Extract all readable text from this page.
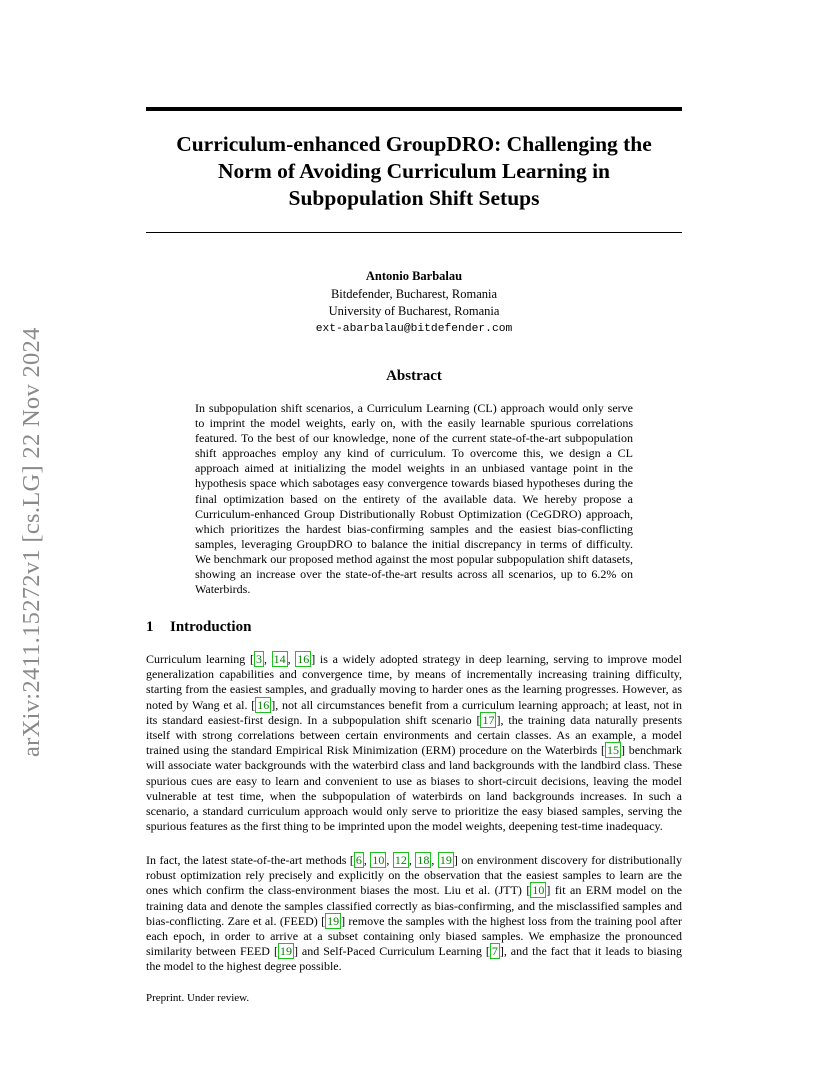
arXiv:2411.15272v1 [cs.LG] 22 Nov 2024
Curriculum-enhanced GroupDRO: Challenging the
Norm of Avoiding Curriculum Learning in
Subpopulation Shift Setups
Antonio Barbalau
Bitdefender, Bucharest, Romania
University of Bucharest, Romania
ext-abarbalau@bitdefender.com
Abstract
In subpopulation shift scenarios, a Curriculum Learning (CL) approach would only serve to imprint the model weights, early on, with the easily learnable spurious correlations featured. To the best of our knowledge, none of the current state-of-the-art subpopulation shift approaches employ any kind of curriculum. To overcome this, we design a CL approach aimed at initializing the model weights in an unbiased vantage point in the hypothesis space which sabotages easy convergence towards biased hypotheses during the final optimization based on the entirety of the available data. We hereby propose a Curriculum-enhanced Group Distributionally Robust Optimization (CeGDRO) approach, which prioritizes the hardest bias-confirming samples and the easiest bias-conflicting samples, leveraging GroupDRO to balance the initial discrepancy in terms of difficulty. We benchmark our proposed method against the most popular subpopulation shift datasets, showing an increase over the state-of-the-art results across all scenarios, up to 6.2% on Waterbirds.
1 Introduction
Curriculum learning [ 3 , 14 , 16 ] is a widely adopted strategy in deep learning, serving to improve model generalization capabilities and convergence time, by means of incrementally increasing training difficulty, starting from the easiest samples, and gradually moving to harder ones as the learning progresses. However, as noted by Wang et al. [ 16 ], not all circumstances benefit from a curriculum learning approach; at least, not in its standard easiest-first design. In a subpopulation shift scenario [ 17 ], the training data naturally presents itself with strong correlations between certain environments and certain classes. As an example, a model trained using the standard Empirical Risk Minimization (ERM) procedure on the Waterbirds [ 15 ] benchmark will associate water backgrounds with the waterbird class and land backgrounds with the landbird class. These spurious cues are easy to learn and convenient to use as biases to short-circuit decisions, leaving the model vulnerable at test time, when the subpopulation of waterbirds on land backgrounds increases. In such a scenario, a standard curriculum approach would only serve to prioritize the easy biased samples, serving the spurious features as the first thing to be imprinted upon the model weights, deepening test-time inadequacy.
In fact, the latest state-of-the-art methods [ 6 , 10 , 12 , 18 , 19 ] on environment discovery for distributionally robust optimization rely precisely and explicitly on the observation that the easiest samples to learn are the ones which confirm the class-environment biases the most. Liu et al. (JTT) [ 10 ] fit an ERM model on the training data and denote the samples classified correctly as bias-confirming, and the misclassified samples and bias-conflicting. Zare et al. (FEED) [ 19 ] remove the samples with the highest loss from the training pool after each epoch, in order to arrive at a subset containing only biased samples. We emphasize the pronounced similarity between FEED [ 19 ] and Self-Paced Curriculum Learning [ 7 ], and the fact that it leads to biasing the model to the highest degree possible.
Preprint. Under review.
